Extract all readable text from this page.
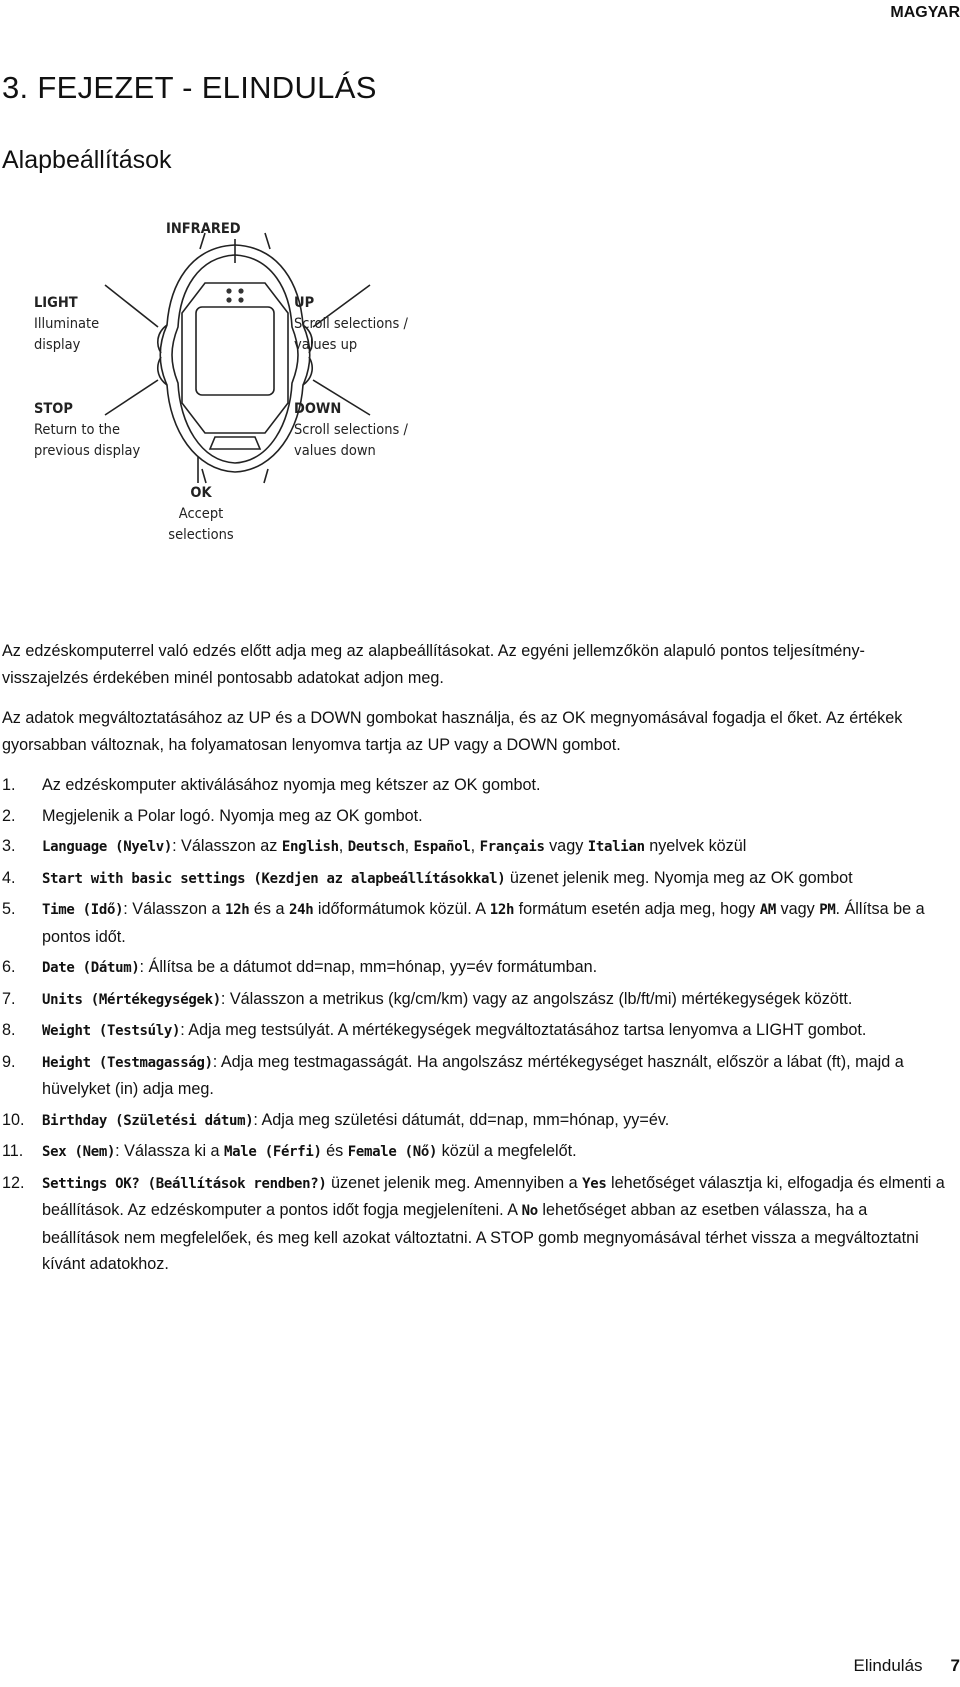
MAGYAR
3. FEJEZET - ELINDULÁS
Alapbeállítások
INFRARED
LIGHT
Illuminate
display
UP
Scroll selections /
values up
STOP
Return to the
previous display
DOWN
Scroll selections /
values down
OK
Accept selections

Az edzéskomputerrel való edzés előtt adja meg az alapbeállításokat. Az egyéni jellemzőkön alapuló pontos teljesítmény-visszajelzés érdekében minél pontosabb adatokat adjon meg.

Az adatok megváltoztatásához az UP és a DOWN gombokat használja, és az OK megnyomásával fogadja el őket. Az értékek gyorsabban változnak, ha folyamatosan lenyomva tartja az UP vagy a DOWN gombot.

1. Az edzéskomputer aktiválásához nyomja meg kétszer az OK gombot.
2. Megjelenik a Polar logó. Nyomja meg az OK gombot.
3. Language (Nyelv): Válasszon az English, Deutsch, Español, Français vagy Italian nyelvek közül
4. Start with basic settings (Kezdjen az alapbeállításokkal) üzenet jelenik meg. Nyomja meg az OK gombot
5. Time (Idő): Válasszon a 12h és a 24h időformátumok közül. A 12h formátum esetén adja meg, hogy AM vagy PM. Állítsa be a pontos időt.
6. Date (Dátum): Állítsa be a dátumot dd=nap, mm=hónap, yy=év formátumban.
7. Units (Mértékegységek): Válasszon a metrikus (kg/cm/km) vagy az angolszász (lb/ft/mi) mértékegységek között.
8. Weight (Testsúly): Adja meg testsúlyát. A mértékegységek megváltoztatásához tartsa lenyomva a LIGHT gombot.
9. Height (Testmagasság): Adja meg testmagasságát. Ha angolszász mértékegységet használt, először a lábat (ft), majd a hüvelyket (in) adja meg.
10. Birthday (Születési dátum): Adja meg születési dátumát, dd=nap, mm=hónap, yy=év.
11. Sex (Nem): Válassza ki a Male (Férfi) és Female (Nő) közül a megfelelőt.
12. Settings OK? (Beállítások rendben?) üzenet jelenik meg. Amennyiben a Yes lehetőséget választja ki, elfogadja és elmenti a beállítások. Az edzéskomputer a pontos időt fogja megjeleníteni. A No lehetőséget abban az esetben válassza, ha a beállítások nem megfelelőek, és meg kell azokat változtatni. A STOP gomb megnyomásával térhet vissza a megváltoztatni kívánt adatokhoz.
Elindulás 7
